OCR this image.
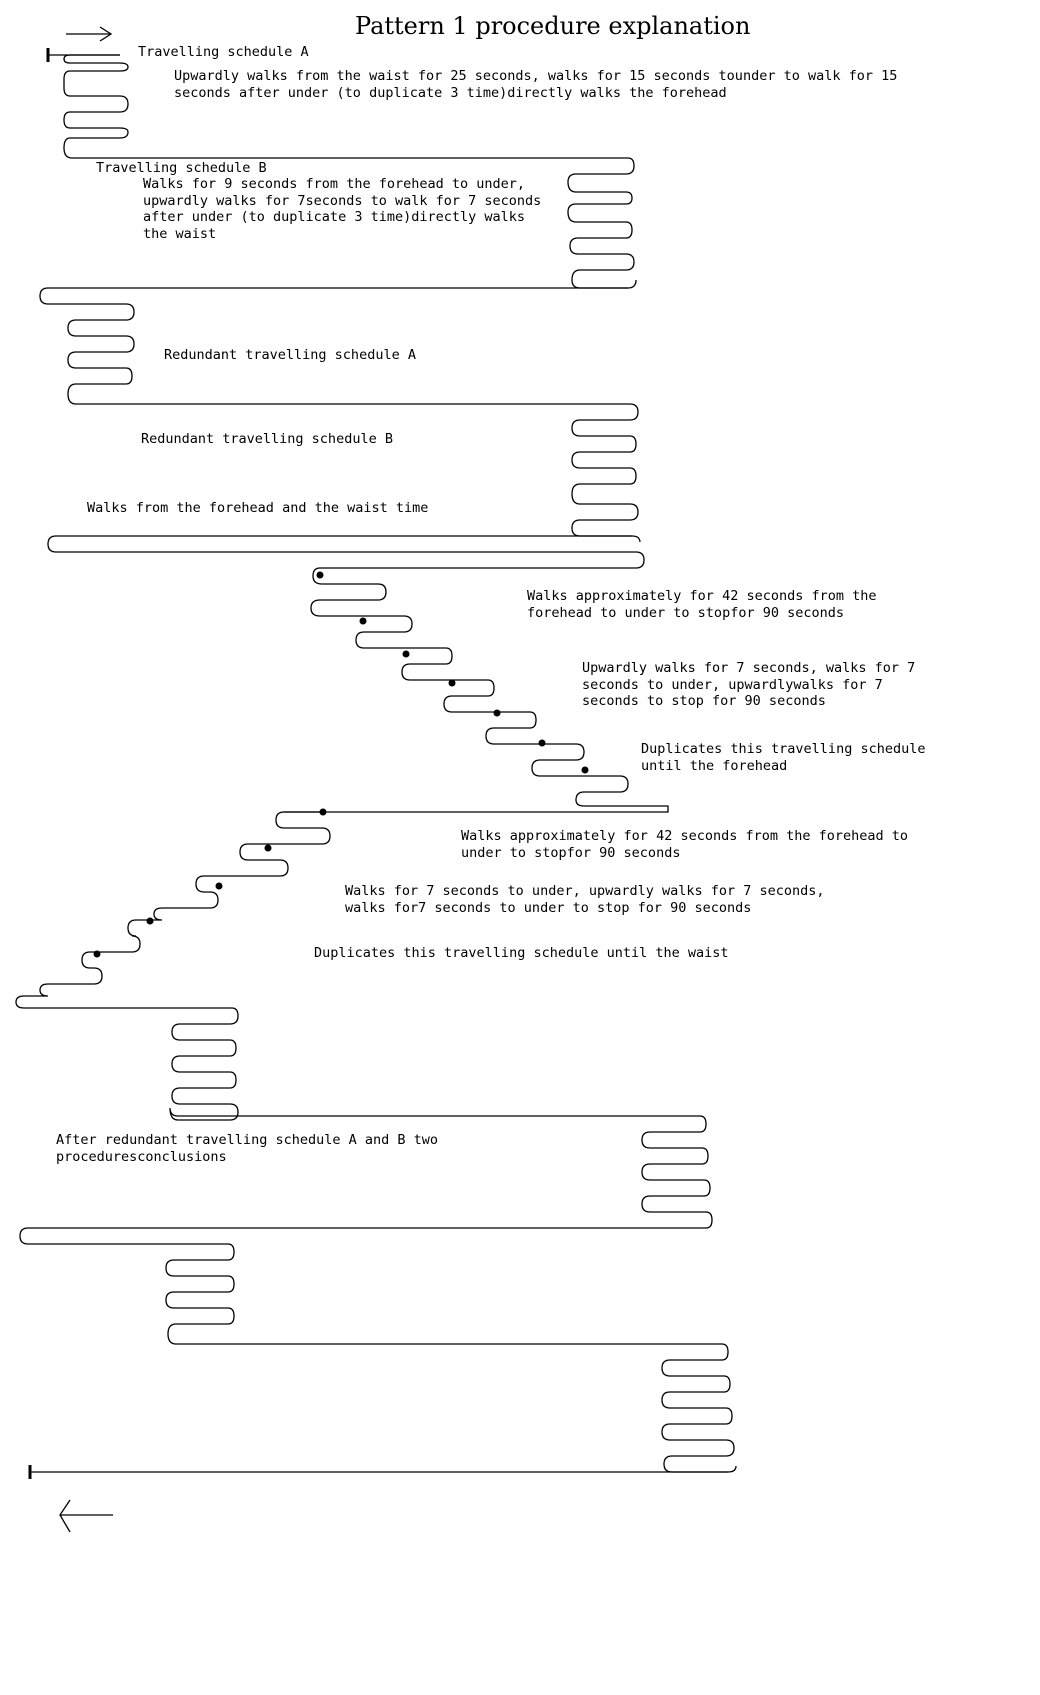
Pattern 1 procedure explanation
Travelling schedule A
Upwardly walks from the waist for 25 seconds, walks for 15 seconds tounder to walk for 15
seconds after under (to duplicate 3 time)directly walks the forehead
Travelling schedule B
Walks for 9 seconds from the forehead to under,
upwardly walks for 7seconds to walk for 7 seconds
after under (to duplicate 3 time)directly walks
the waist
Redundant travelling schedule A
Redundant travelling schedule B
Walks from the forehead and the waist time
Walks approximately for 42 seconds from the
forehead to under to stopfor 90 seconds
Upwardly walks for 7 seconds, walks for 7
seconds to under, upwardlywalks for 7
seconds to stop for 90 seconds
Duplicates this travelling schedule
until the forehead
Walks approximately for 42 seconds from the forehead to
under to stopfor 90 seconds
Walks for 7 seconds to under, upwardly walks for 7 seconds,
walks for7 seconds to under to stop for 90 seconds
Duplicates this travelling schedule until the waist
After redundant travelling schedule A and B two
proceduresconclusions
